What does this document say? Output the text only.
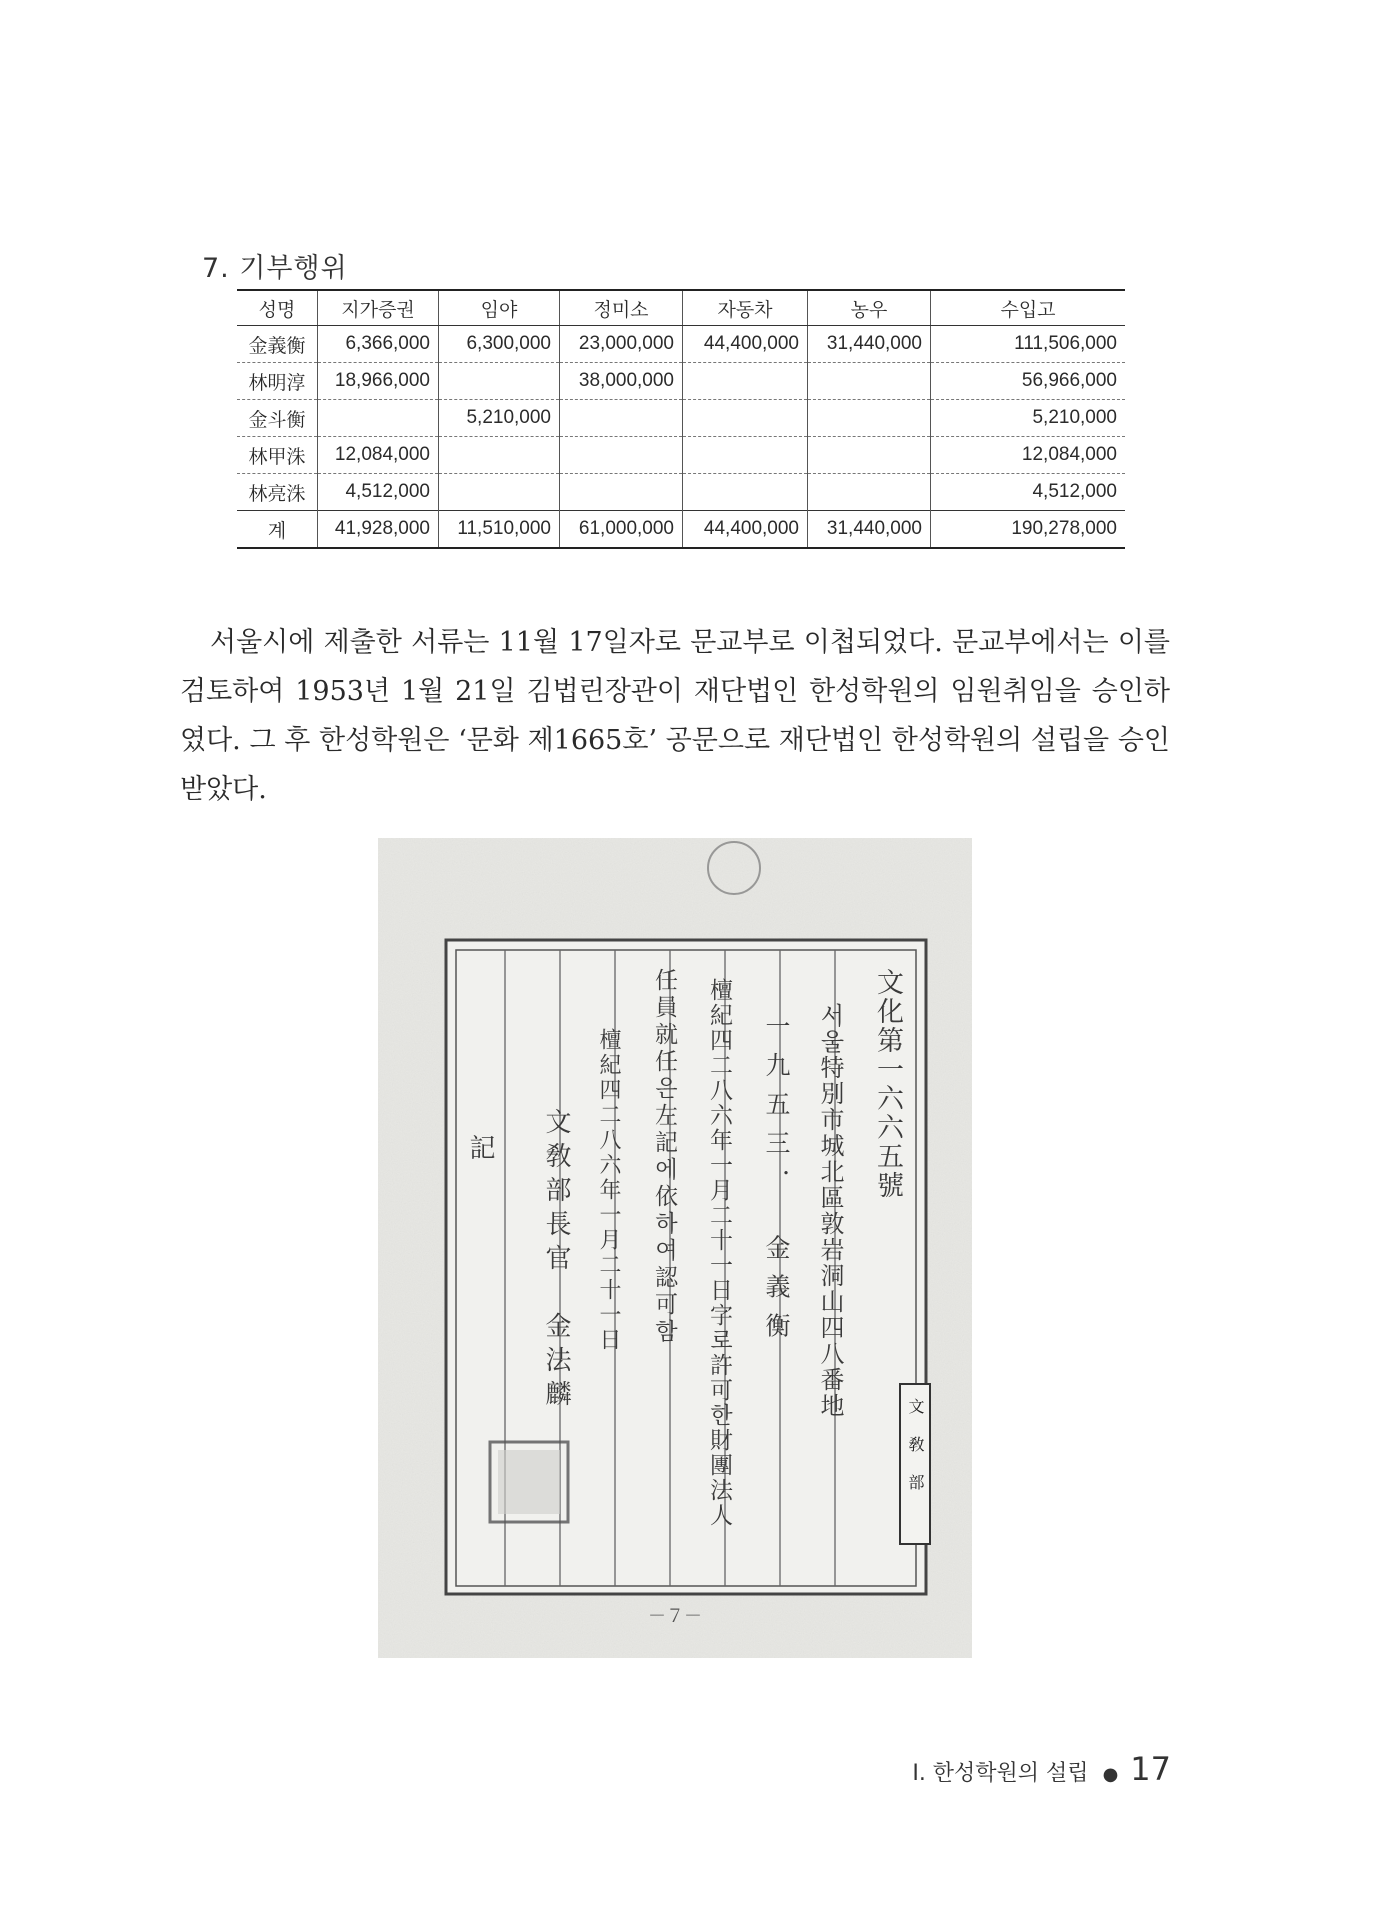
7. 기부행위
성명	지가증권	임야	정미소	자동차	농우	수입고
金義衡	6,366,000	6,300,000	23,000,000	44,400,000	31,440,000	111,506,000
林明淳	18,966,000		38,000,000			56,966,000
金斗衡		5,210,000				5,210,000
林甲洙	12,084,000					12,084,000
林亮洙	4,512,000					4,512,000
계	41,928,000	11,510,000	61,000,000	44,400,000	31,440,000	190,278,000

서울시에 제출한 서류는 11월 17일자로 문교부로 이첩되었다. 문교부에서는 이를 검토하여 1953년 1월 21일 김법린장관이 재단법인 한성학원의 임원취임을 승인하였다. 그 후 한성학원은 ‘문화 제1665호’ 공문으로 재단법인 한성학원의 설립을 승인받았다.

文化第一六六五號
서울特別市城北區敦岩洞山四八番地
一九五三．　金義衡
檀紀四二八六年一月二十一日字로許可한財團法人
任員就任은左記에依하여認可함
檀紀四二八六年一月二十一日
文敎部長官　金法麟
記
文敎部
－７－
Ⅰ. 한성학원의 설립 ● 17
